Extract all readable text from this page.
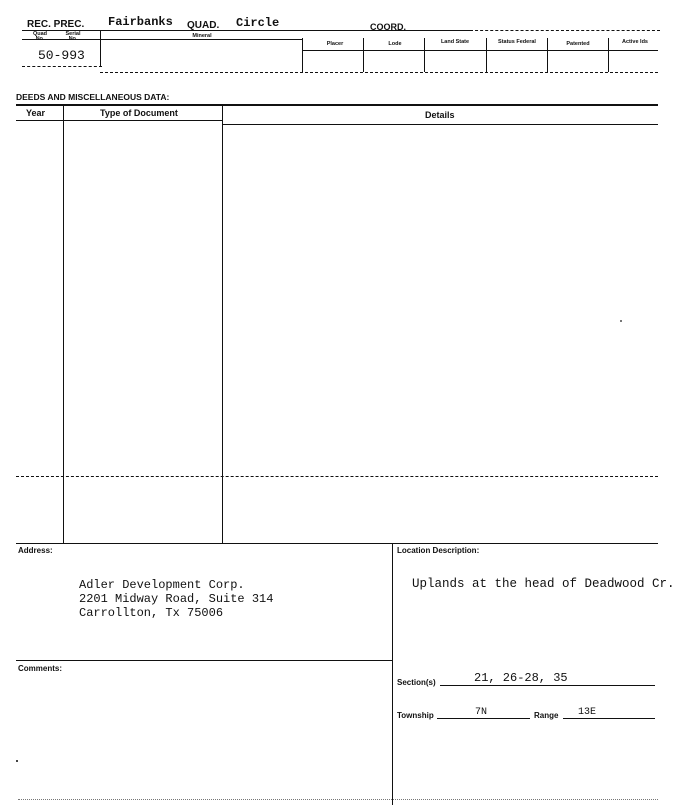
REC. PREC. Fairbanks QUAD. Circle	COORD.
Quad No.
Serial No.	Mineral
Placer	Lode	Land State	Status Federal	Patented	Active Ids
50-993
DEEDS AND MISCELLANEOUS DATA:
Year	Type of Document	Details
Address:
Adler Development Corp.
2201 Midway Road, Suite 314
Carrollton, Tx 75006
Comments:
Location Description:
Uplands at the head of Deadwood Cr.
Section(s)	21, 26-28, 35
Township	7N	Range 13E
